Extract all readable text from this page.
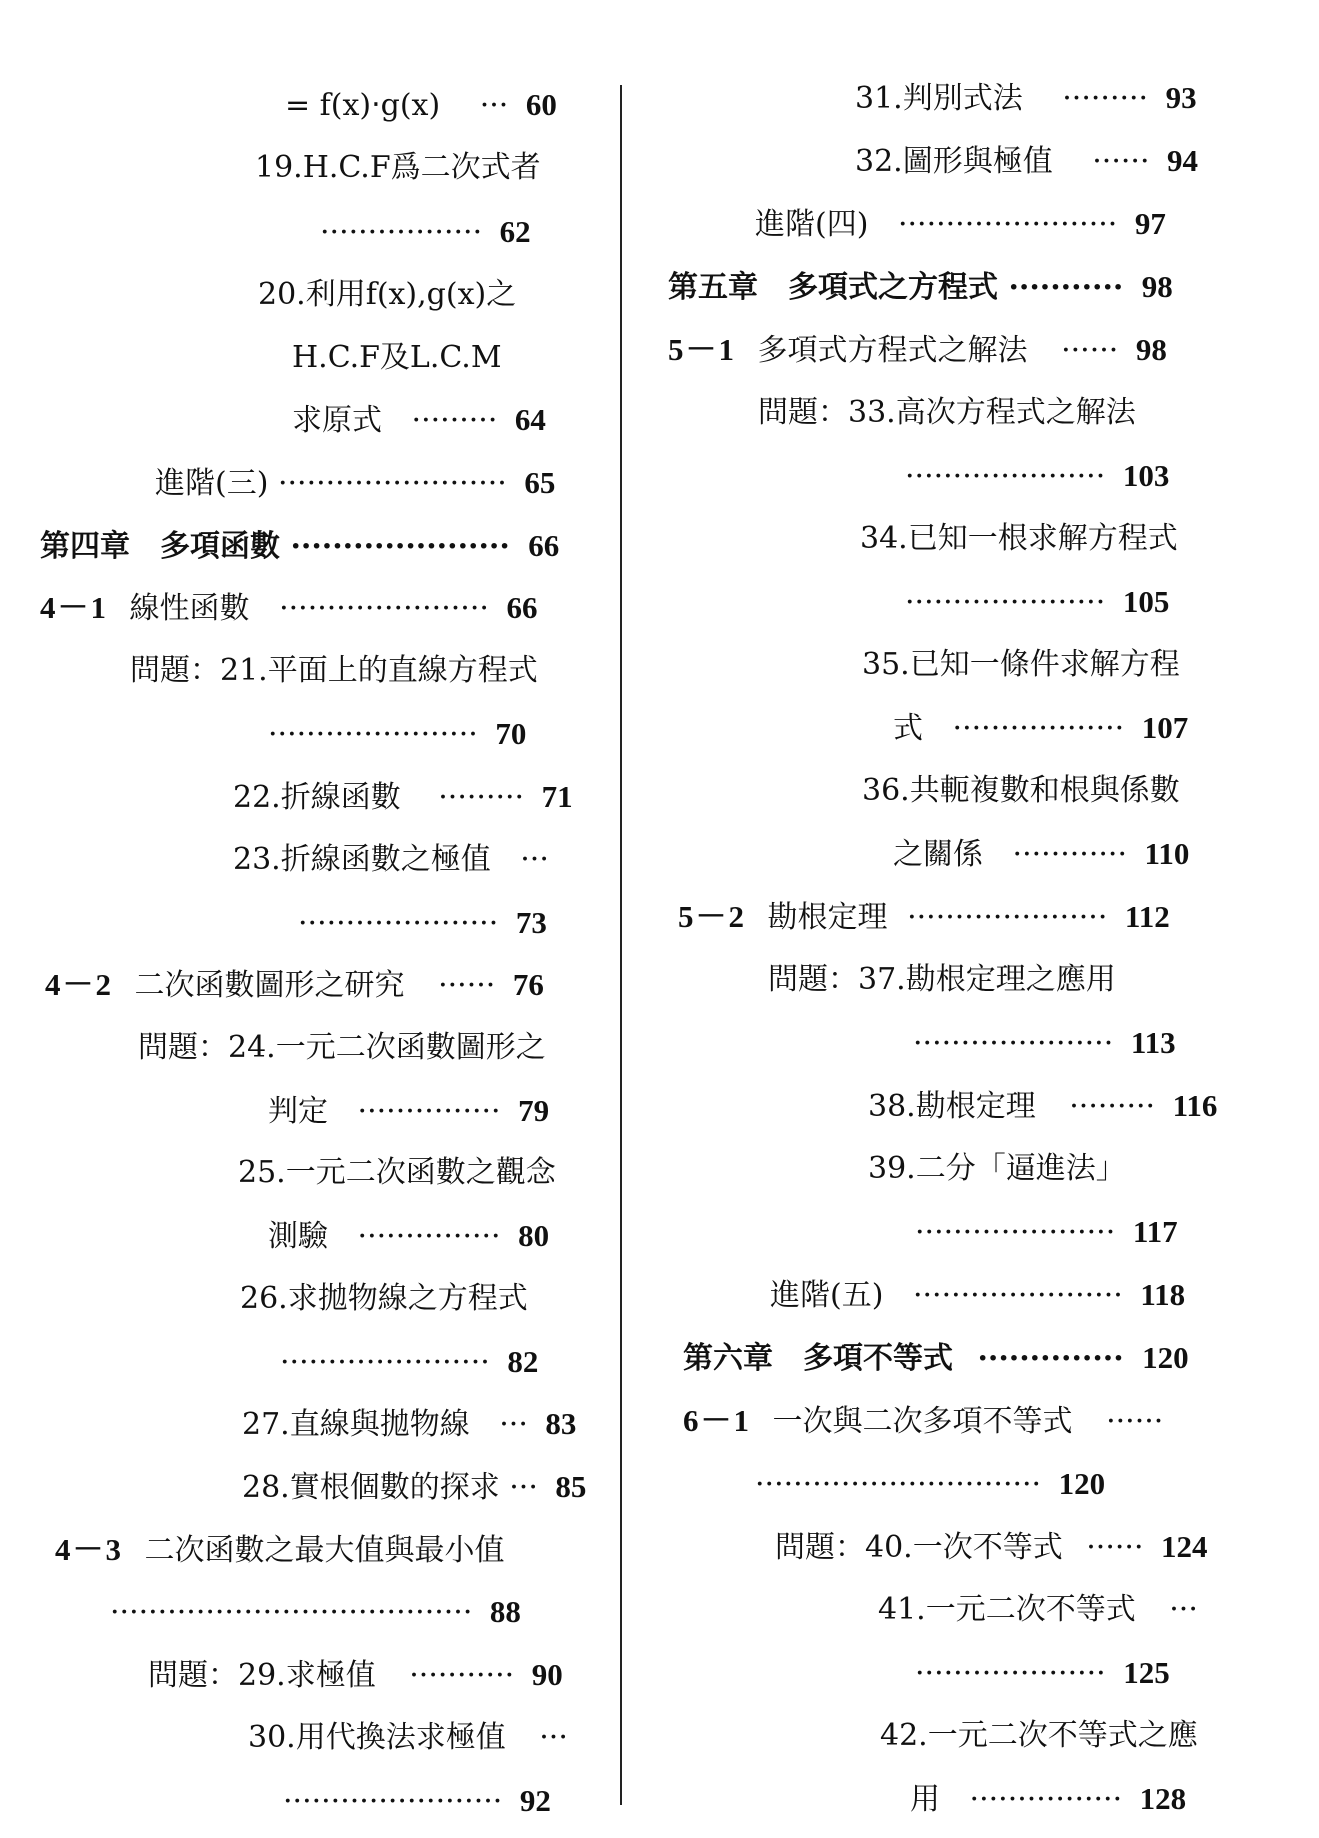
= f(x)‧g(x) ··· 60
19.H.C.F爲二次式者
················· 62
20.利用f(x),g(x)之
H.C.F及L.C.M
求原式 ········· 64
進階(三) ························ 65
第四章　多項函數 ····················· 66
4－1 線性函數 ······················ 66
問題：21.平面上的直線方程式
······················ 70
22.折線函數 ········· 71
23.折線函數之極值 ···
····················· 73
4－2 二次函數圖形之研究 ······ 76
問題：24.一元二次函數圖形之
判定 ··············· 79
25.一元二次函數之觀念
測驗 ··············· 80
26.求拋物線之方程式
······················ 82
27.直線與拋物線 ··· 83
28.實根個數的探求 ··· 85
4－3 二次函數之最大值與最小值
······································ 88
問題：29.求極值 ··········· 90
30.用代換法求極值 ···
······················· 92
31.判別式法 ········· 93
32.圖形與極值 ······ 94
進階(四) ······················· 97
第五章　多項式之方程式 ··········· 98
5－1 多項式方程式之解法 ······ 98
問題：33.高次方程式之解法
····················· 103
34.已知一根求解方程式
····················· 105
35.已知一條件求解方程
式 ·················· 107
36.共軛複數和根與係數
之關係 ············ 110
5－2 勘根定理 ····················· 112
問題：37.勘根定理之應用
····················· 113
38.勘根定理 ········· 116
39.二分「逼進法」
····················· 117
進階(五) ······················ 118
第六章　多項不等式 ·············· 120
6－1 一次與二次多項不等式 ······
······························ 120
問題：40.一次不等式 ······ 124
41.一元二次不等式 ···
···················· 125
42.一元二次不等式之應
用 ················ 128
